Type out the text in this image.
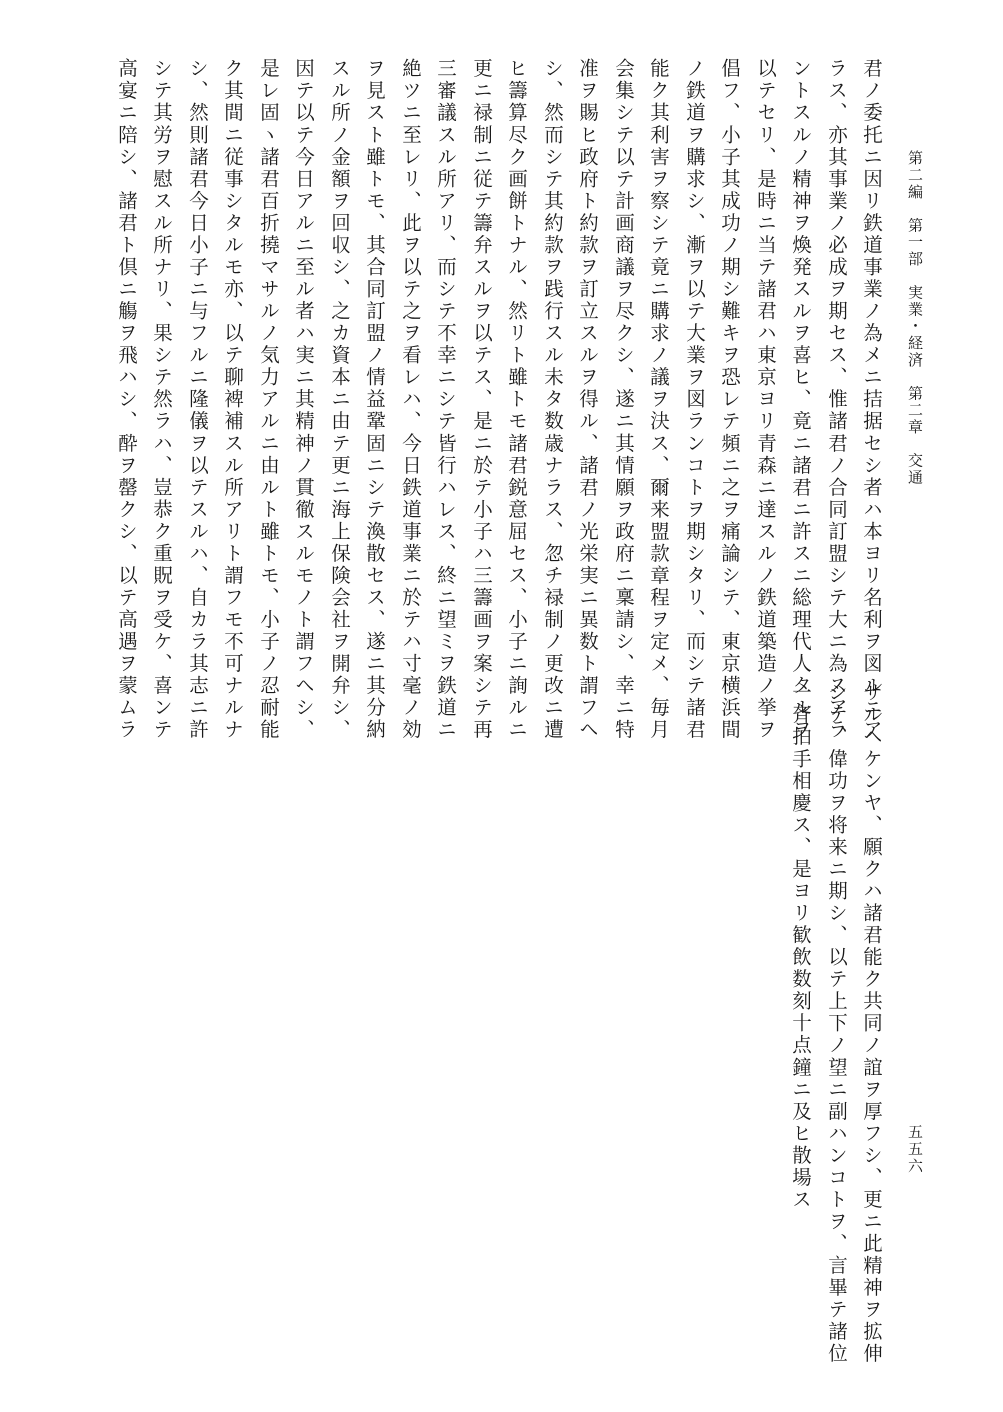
第二編　第一部　実業・経済　第二章　交通
君ノ委托ニ因リ鉄道事業ノ為メニ拮据セシ者ハ本ヨリ名利ヲ図ルニア
ラス、亦其事業ノ必成ヲ期セス、惟諸君ノ合同訂盟シテ大ニ為スアラ
ントスルノ精神ヲ煥発スルヲ喜ヒ、竟ニ諸君ニ許スニ総理代人タルヲ
以テセリ、是時ニ当テ諸君ハ東京ヨリ青森ニ達スルノ鉄道築造ノ挙ヲ
倡フ、小子其成功ノ期シ難キヲ恐レテ頻ニ之ヲ痛論シテ、東京横浜間
ノ鉄道ヲ購求シ、漸ヲ以テ大業ヲ図ランコトヲ期シタリ、而シテ諸君
能ク其利害ヲ察シテ竟ニ購求ノ議ヲ決ス、爾来盟款章程ヲ定メ、毎月
会集シテ以テ計画商議ヲ尽クシ、遂ニ其情願ヲ政府ニ稟請シ、幸ニ特
准ヲ賜ヒ政府ト約款ヲ訂立スルヲ得ル、諸君ノ光栄実ニ異数ト謂フヘ
シ、然而シテ其約款ヲ践行スル未タ数歳ナラス、忽チ禄制ノ更改ニ遭
ヒ籌算尽ク画餅トナル、然リト雖トモ諸君鋭意屈セス、小子ニ詢ルニ
更ニ禄制ニ従テ籌弁スルヲ以テス、是ニ於テ小子ハ三籌画ヲ案シテ再
三審議スル所アリ、而シテ不幸ニシテ皆行ハレス、終ニ望ミヲ鉄道ニ
絶ツニ至レリ、此ヲ以テ之ヲ看レハ、今日鉄道事業ニ於テハ寸毫ノ効
ヲ見スト雖トモ、其合同訂盟ノ情益鞏固ニシテ渙散セス、遂ニ其分納
スル所ノ金額ヲ回収シ、之カ資本ニ由テ更ニ海上保険会社ヲ開弁シ、
因テ以テ今日アルニ至ル者ハ実ニ其精神ノ貫徹スルモノト謂フヘシ、
是レ固ヽ諸君百折撓マサルノ気力アルニ由ルト雖トモ、小子ノ忍耐能
ク其間ニ従事シタルモ亦、以テ聊裨補スル所アリト謂フモ不可ナルナ
シ、然則諸君今日小子ニ与フルニ隆儀ヲ以テスルハ、自カラ其志ニ許
シテ其労ヲ慰スル所ナリ、果シテ然ラハ、豈恭ク重貺ヲ受ケ、喜ンテ
高宴ニ陪シ、諸君ト倶ニ觴ヲ飛ハシ、酔ヲ罄クシ、以テ高遇ヲ蒙ムラ
サルヘケンヤ、願クハ諸君能ク共同ノ誼ヲ厚フシ、更ニ此精神ヲ拡伸
シテ、偉功ヲ将来ニ期シ、以テ上下ノ望ニ副ハンコトヲ、言畢テ諸位
一斉拍手相慶ス、是ヨリ歓飲数刻十点鐘ニ及ヒ散場ス	五五六
